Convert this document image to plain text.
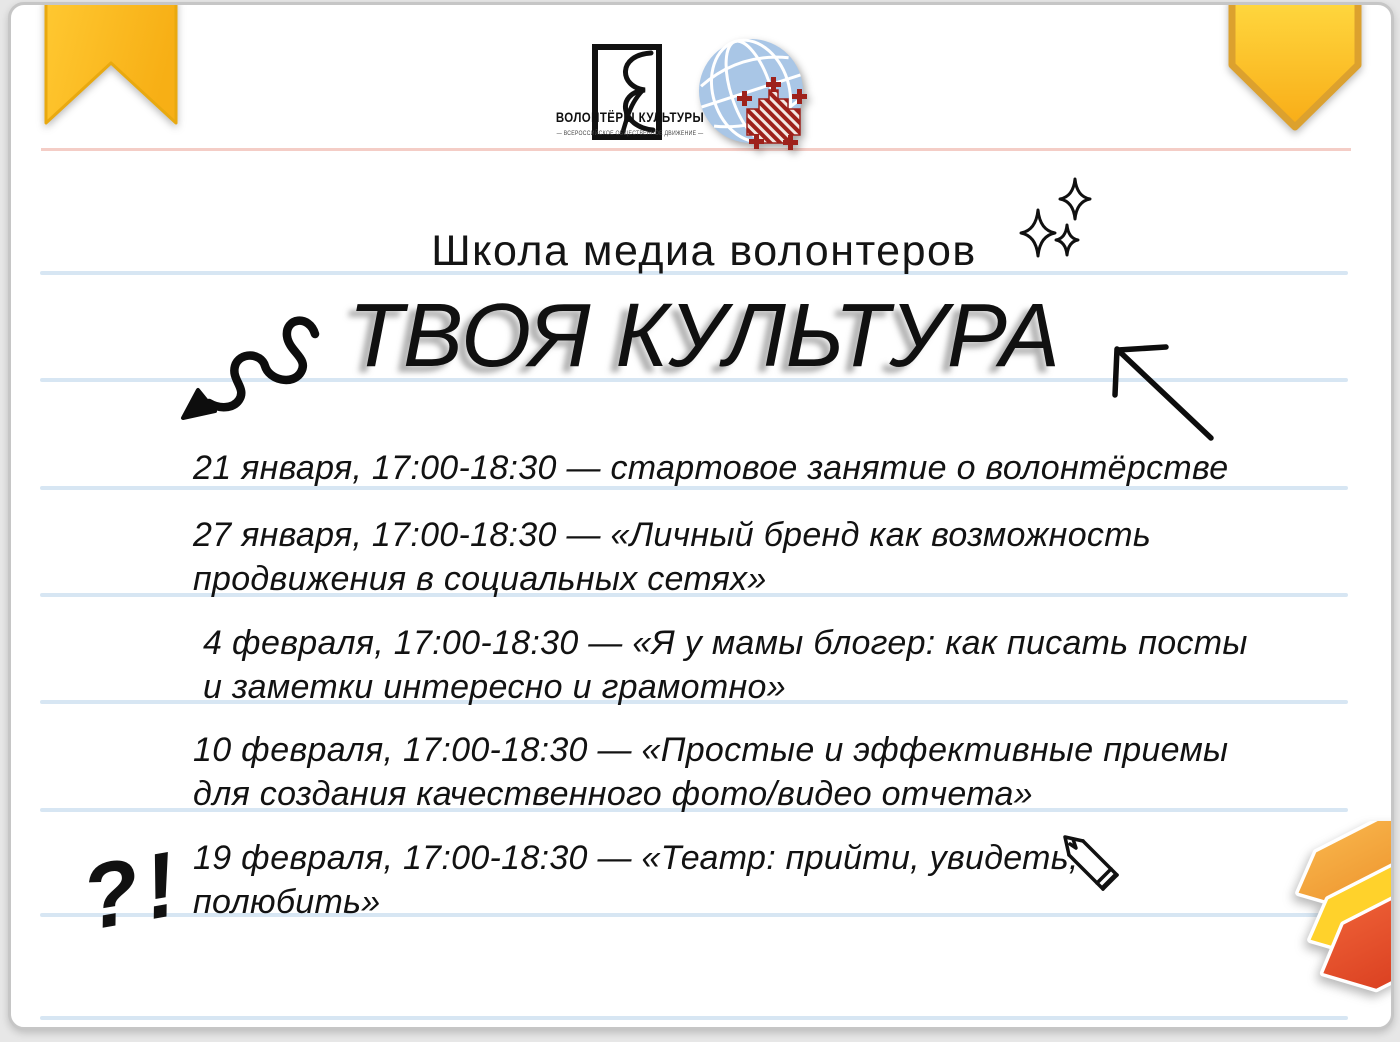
ВОЛОНТЁРЫ КУЛЬТУРЫ
— ВСЕРОССИЙСКОЕ ОБЩЕСТВЕННОЕ ДВИЖЕНИЕ —
Школа медиа волонтеров
ТВОЯ КУЛЬТУРА
21 января, 17:00-18:30 — стартовое занятие о волонтёрстве
27 января, 17:00-18:30 — «Личный бренд как возможность
продвижения в социальных сетях»
4 февраля, 17:00-18:30 — «Я у мамы блогер: как писать посты
и заметки интересно и грамотно»
10 февраля, 17:00-18:30 — «Простые и эффективные приемы
для создания качественного фото/видео отчета»
19 февраля, 17:00-18:30 — «Театр: прийти, увидеть,
полюбить»
?!
